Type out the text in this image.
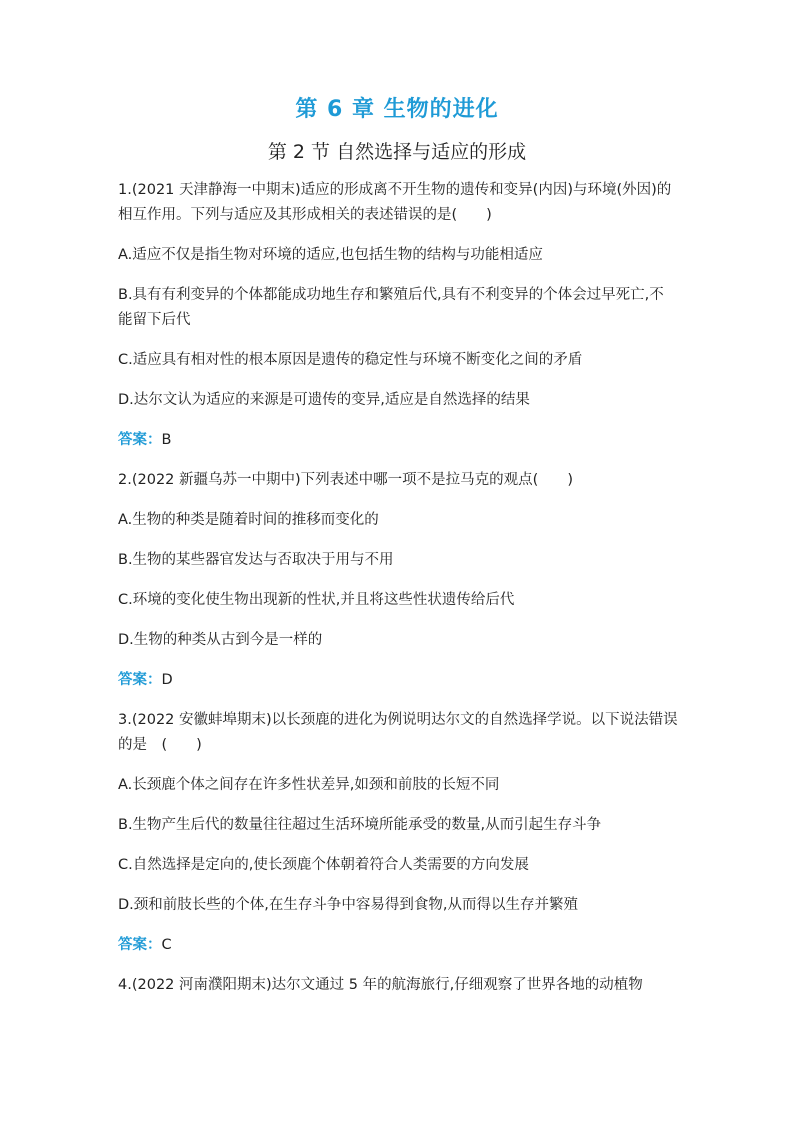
第 6 章 生物的进化
第 2 节 自然选择与适应的形成

1.(2021 天津静海一中期末)适应的形成离不开生物的遗传和变异(内因)与环境(外因)的相互作用。下列与适应及其形成相关的表述错误的是(　　)

A.适应不仅是指生物对环境的适应,也包括生物的结构与功能相适应

B.具有有利变异的个体都能成功地生存和繁殖后代,具有不利变异的个体会过早死亡,不能留下后代

C.适应具有相对性的根本原因是遗传的稳定性与环境不断变化之间的矛盾

D.达尔文认为适应的来源是可遗传的变异,适应是自然选择的结果

答案：B

2.(2022 新疆乌苏一中期中)下列表述中哪一项不是拉马克的观点(　　)

A.生物的种类是随着时间的推移而变化的

B.生物的某些器官发达与否取决于用与不用

C.环境的变化使生物出现新的性状,并且将这些性状遗传给后代

D.生物的种类从古到今是一样的

答案：D

3.(2022 安徽蚌埠期末)以长颈鹿的进化为例说明达尔文的自然选择学说。以下说法错误的是　(　　)

A.长颈鹿个体之间存在许多性状差异,如颈和前肢的长短不同

B.生物产生后代的数量往往超过生活环境所能承受的数量,从而引起生存斗争

C.自然选择是定向的,使长颈鹿个体朝着符合人类需要的方向发展

D.颈和前肢长些的个体,在生存斗争中容易得到食物,从而得以生存并繁殖

答案：C

4.(2022 河南濮阳期末)达尔文通过 5 年的航海旅行,仔细观察了世界各地的动植物
